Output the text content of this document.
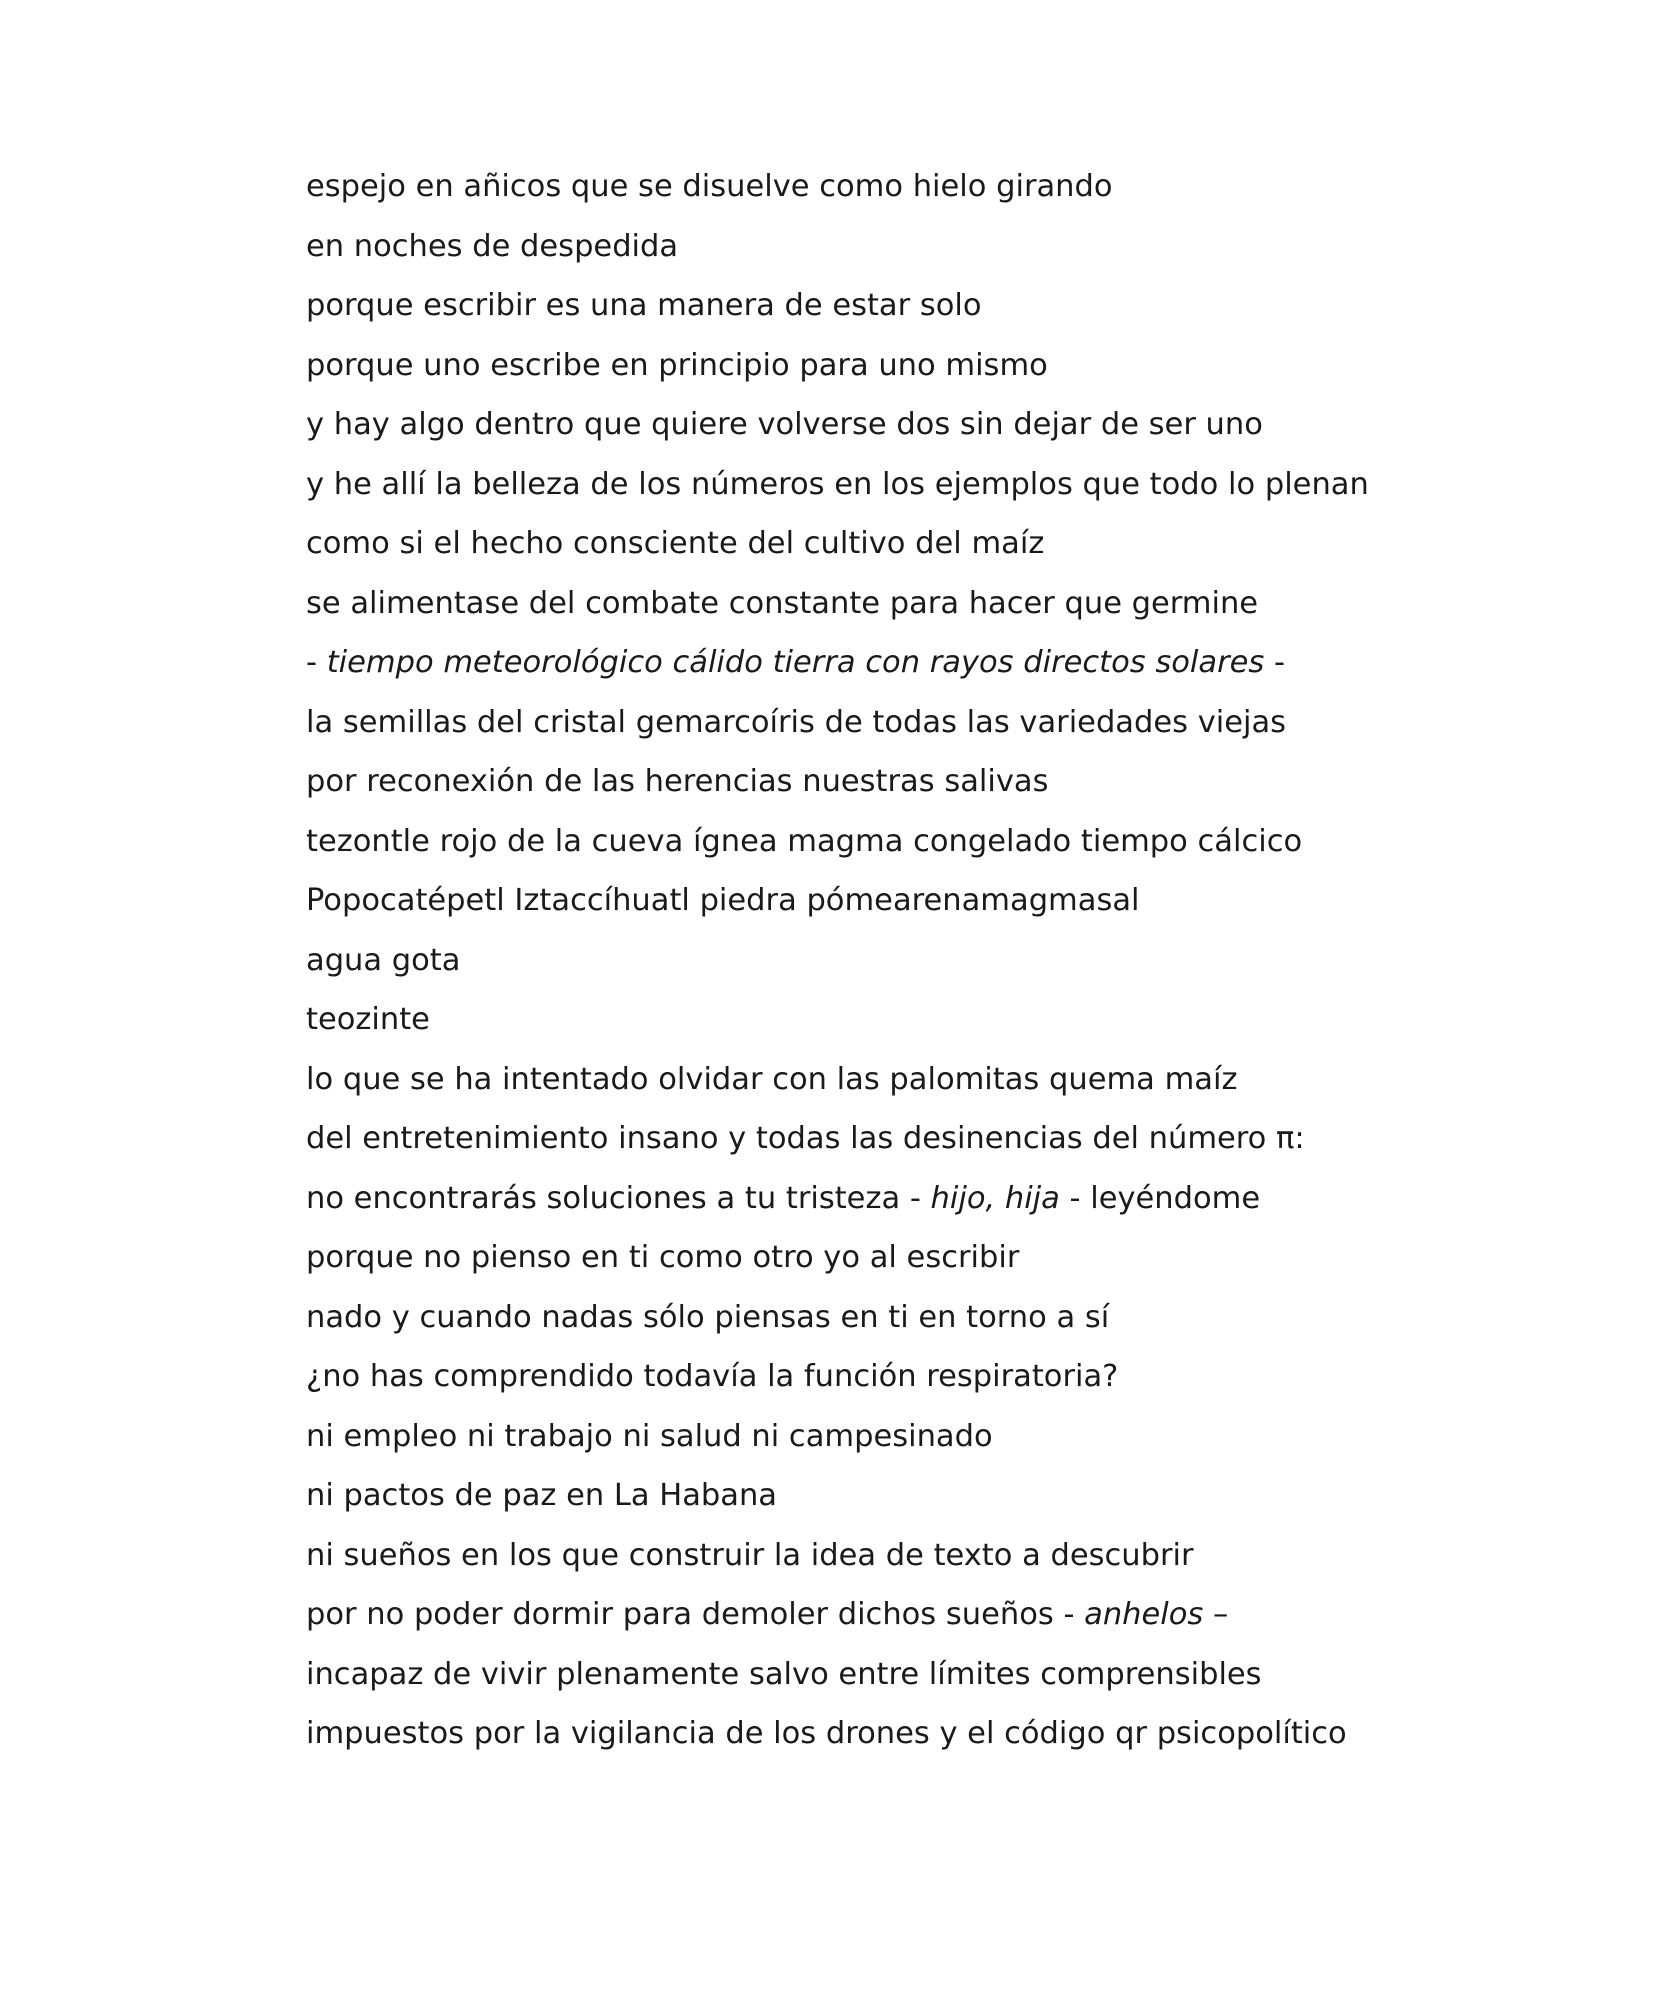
espejo en añicos que se disuelve como hielo girando
en noches de despedida
porque escribir es una manera de estar solo
porque uno escribe en principio para uno mismo
y hay algo dentro que quiere volverse dos sin dejar de ser uno
y he allí la belleza de los números en los ejemplos que todo lo plenan
como si el hecho consciente del cultivo del maíz
se alimentase del combate constante para hacer que germine
- tiempo meteorológico cálido tierra con rayos directos solares -
la semillas del cristal gemarcoíris de todas las variedades viejas
por reconexión de las herencias nuestras salivas
tezontle rojo de la cueva ígnea magma congelado tiempo cálcico
Popocatépetl Iztaccíhuatl piedra pómearenamagmasal
agua gota
teozinte
lo que se ha intentado olvidar con las palomitas quema maíz
del entretenimiento insano y todas las desinencias del número π:
no encontrarás soluciones a tu tristeza - hijo, hija - leyéndome
porque no pienso en ti como otro yo al escribir
nado y cuando nadas sólo piensas en ti en torno a sí
¿no has comprendido todavía la función respiratoria?
ni empleo ni trabajo ni salud ni campesinado
ni pactos de paz en La Habana
ni sueños en los que construir la idea de texto a descubrir
por no poder dormir para demoler dichos sueños - anhelos –
incapaz de vivir plenamente salvo entre límites comprensibles
impuestos por la vigilancia de los drones y el código qr psicopolítico
